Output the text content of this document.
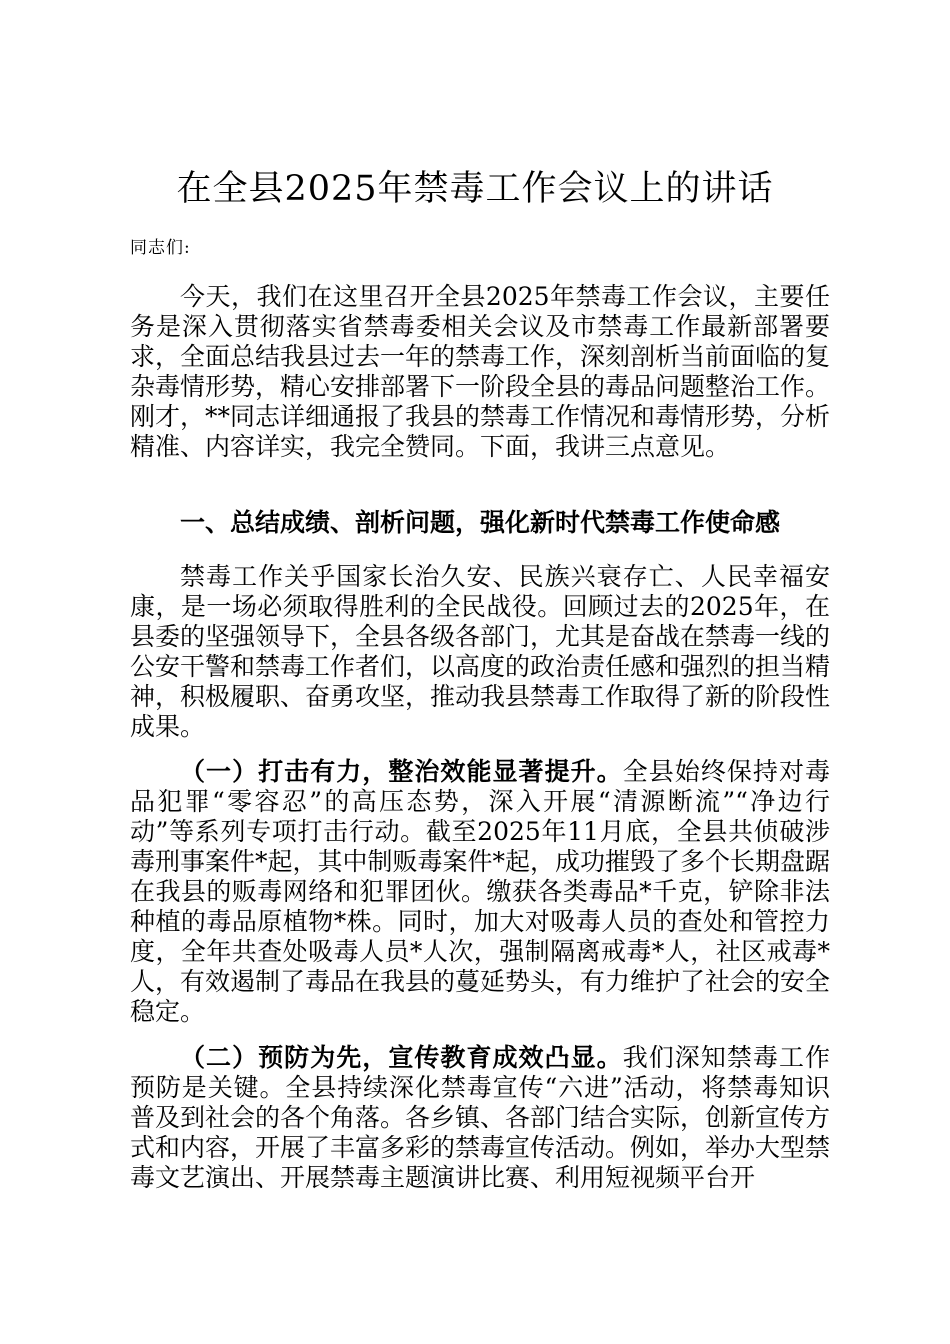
在全县2025年禁毒工作会议上的讲话
同志们:

今天，我们在这里召开全县2025年禁毒工作会议，主要任务是深入贯彻落实省禁毒委相关会议及市禁毒工作最新部署要求，全面总结我县过去一年的禁毒工作，深刻剖析当前面临的复杂毒情形势，精心安排部署下一阶段全县的毒品问题整治工作。刚才，**同志详细通报了我县的禁毒工作情况和毒情形势，分析精准、内容详实，我完全赞同。下面，我讲三点意见。

一、总结成绩、剖析问题，强化新时代禁毒工作使命感

禁毒工作关乎国家长治久安、民族兴衰存亡、人民幸福安康，是一场必须取得胜利的全民战役。回顾过去的2025年，在县委的坚强领导下，全县各级各部门，尤其是奋战在禁毒一线的公安干警和禁毒工作者们，以高度的政治责任感和强烈的担当精神，积极履职、奋勇攻坚，推动我县禁毒工作取得了新的阶段性成果。

（一）打击有力，整治效能显著提升。全县始终保持对毒品犯罪“零容忍”的高压态势，深入开展“清源断流”“净边行动”等系列专项打击行动。截至2025年11月底，全县共侦破涉毒刑事案件*起，其中制贩毒案件*起，成功摧毁了多个长期盘踞在我县的贩毒网络和犯罪团伙。缴获各类毒品*千克，铲除非法种植的毒品原植物*株。同时，加大对吸毒人员的查处和管控力度，全年共查处吸毒人员*人次，强制隔离戒毒*人，社区戒毒*人，有效遏制了毒品在我县的蔓延势头，有力维护了社会的安全稳定。

（二）预防为先，宣传教育成效凸显。我们深知禁毒工作预防是关键。全县持续深化禁毒宣传“六进”活动，将禁毒知识普及到社会的各个角落。各乡镇、各部门结合实际，创新宣传方式和内容，开展了丰富多彩的禁毒宣传活动。例如，举办大型禁毒文艺演出、开展禁毒主题演讲比赛、利用短视频平台开
